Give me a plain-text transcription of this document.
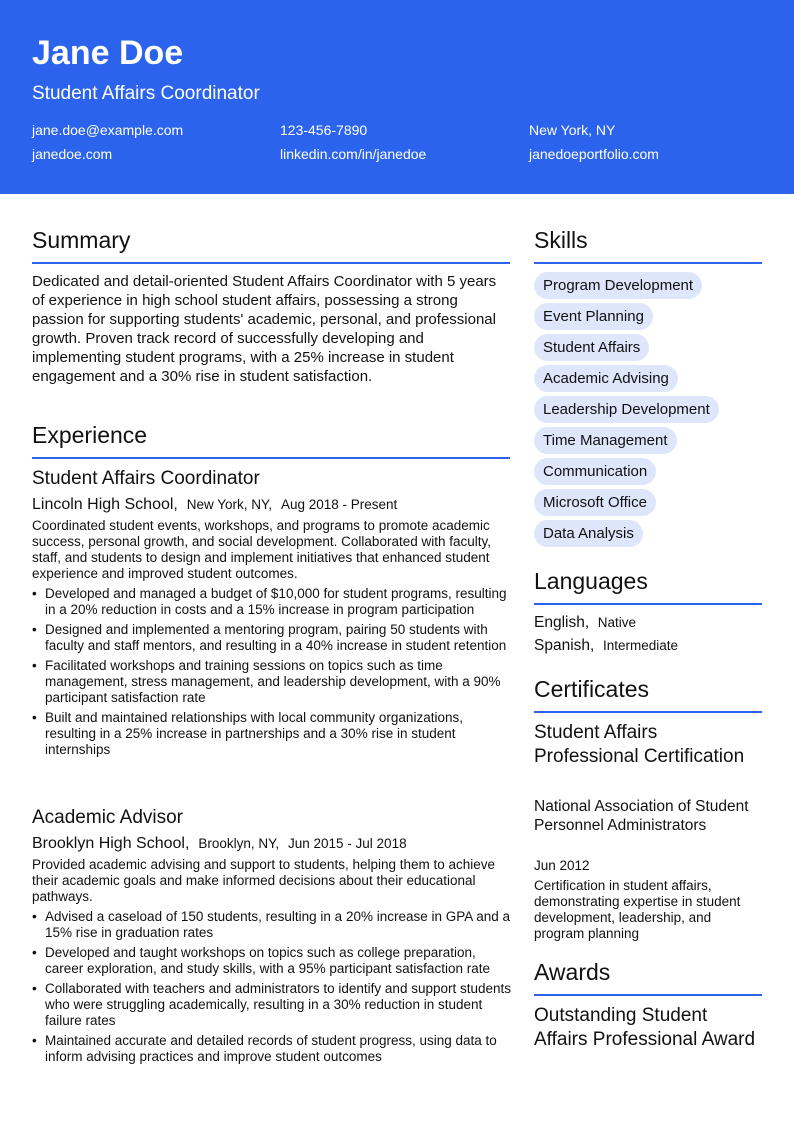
Jane Doe
Student Affairs Coordinator
jane.doe@example.com	123-456-7890	New York, NY
janedoe.com	linkedin.com/in/janedoe	janedoeportfolio.com
Summary
Dedicated and detail-oriented Student Affairs Coordinator with 5 years of experience in high school student affairs, possessing a strong passion for supporting students' academic, personal, and professional growth. Proven track record of successfully developing and implementing student programs, with a 25% increase in student engagement and a 30% rise in student satisfaction.
Experience
Student Affairs Coordinator
Lincoln High School, New York, NY, Aug 2018 - Present
Coordinated student events, workshops, and programs to promote academic success, personal growth, and social development. Collaborated with faculty, staff, and students to design and implement initiatives that enhanced student experience and improved student outcomes.
• Developed and managed a budget of $10,000 for student programs, resulting in a 20% reduction in costs and a 15% increase in program participation
• Designed and implemented a mentoring program, pairing 50 students with faculty and staff mentors, and resulting in a 40% increase in student retention
• Facilitated workshops and training sessions on topics such as time management, stress management, and leadership development, with a 90% participant satisfaction rate
• Built and maintained relationships with local community organizations, resulting in a 25% increase in partnerships and a 30% rise in student internships
Academic Advisor
Brooklyn High School, Brooklyn, NY, Jun 2015 - Jul 2018
Provided academic advising and support to students, helping them to achieve their academic goals and make informed decisions about their educational pathways.
• Advised a caseload of 150 students, resulting in a 20% increase in GPA and a 15% rise in graduation rates
• Developed and taught workshops on topics such as college preparation, career exploration, and study skills, with a 95% participant satisfaction rate
• Collaborated with teachers and administrators to identify and support students who were struggling academically, resulting in a 30% reduction in student failure rates
• Maintained accurate and detailed records of student progress, using data to inform advising practices and improve student outcomes
Skills
Program Development
Event Planning
Student Affairs
Academic Advising
Leadership Development
Time Management
Communication
Microsoft Office
Data Analysis
Languages
English, Native
Spanish, Intermediate
Certificates
Student Affairs Professional Certification
National Association of Student Personnel Administrators
Jun 2012
Certification in student affairs, demonstrating expertise in student development, leadership, and program planning
Awards
Outstanding Student Affairs Professional Award
